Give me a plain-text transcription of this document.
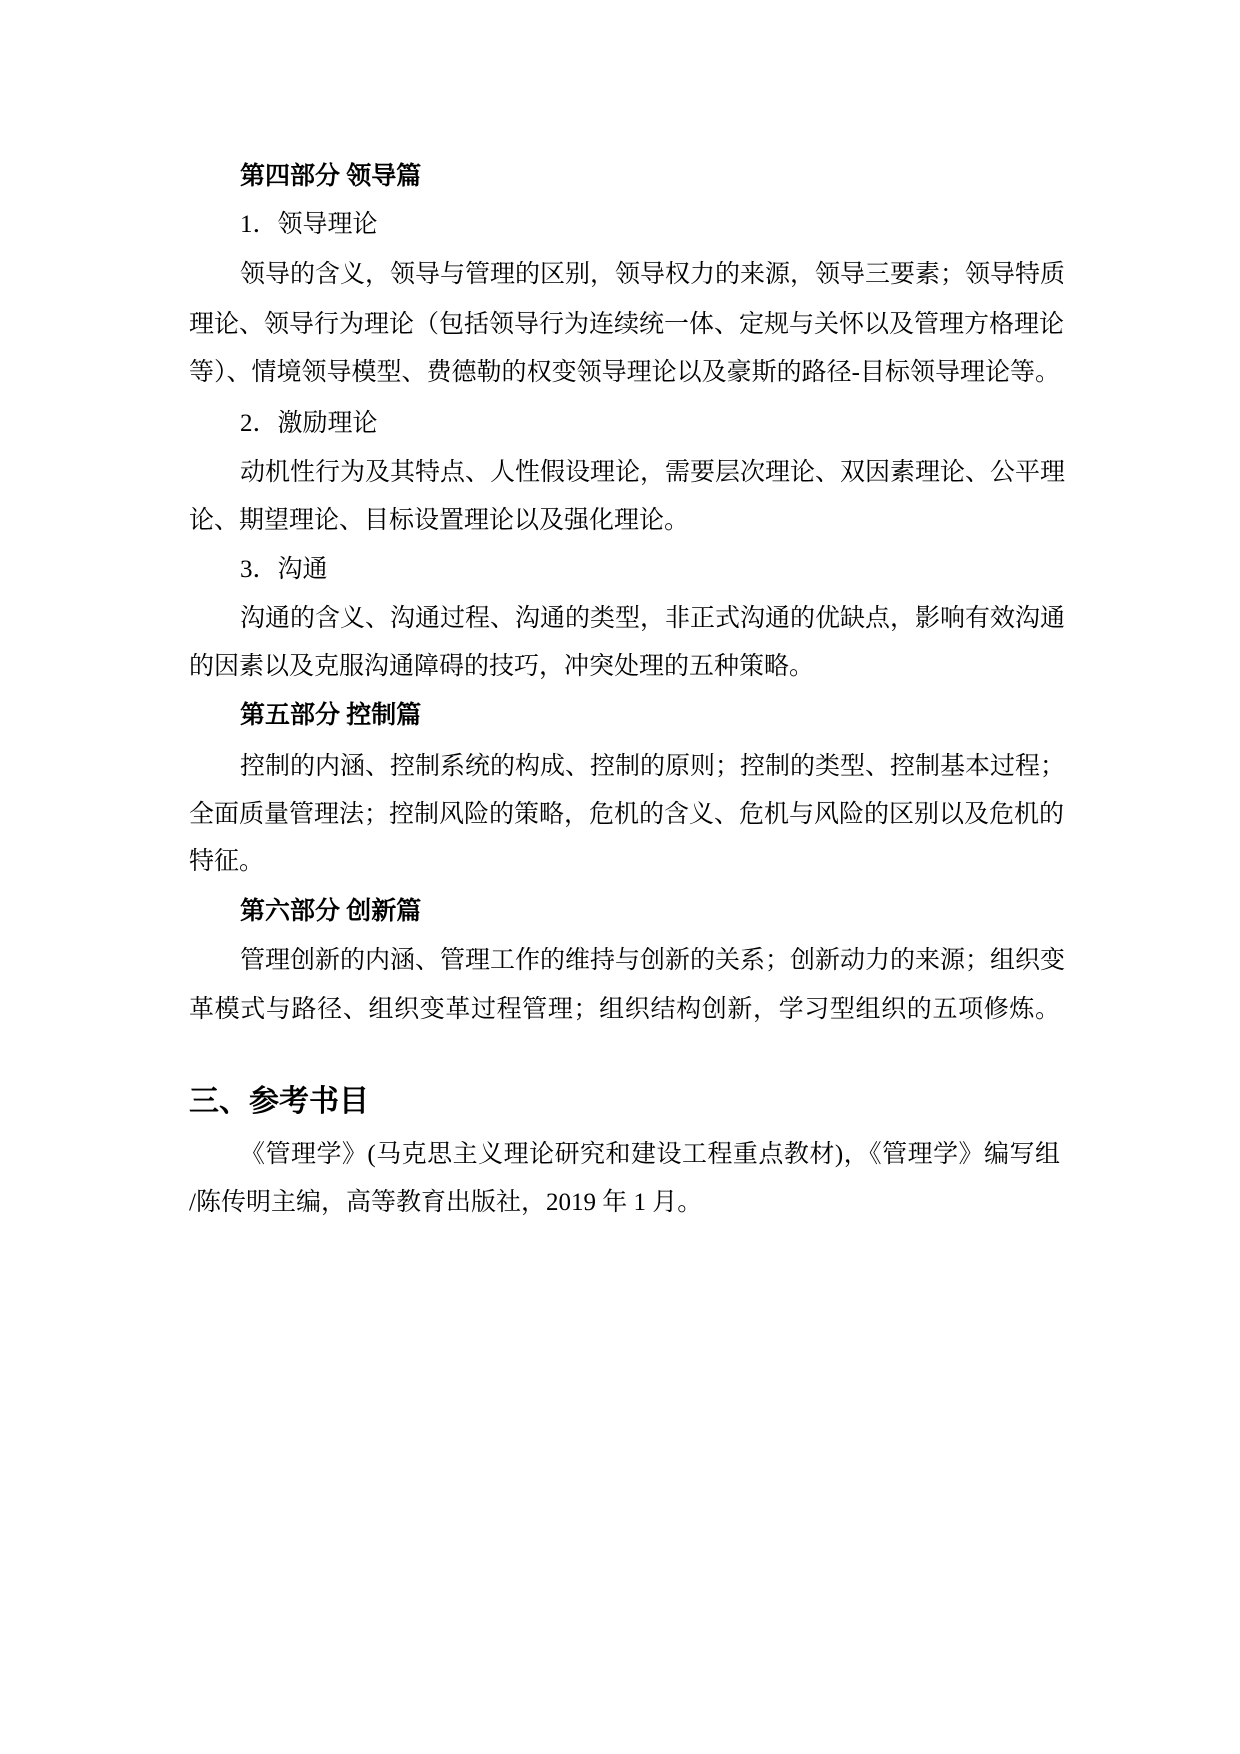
第四部分 领导篇
1．领导理论
领导的含义，领导与管理的区别，领导权力的来源，领导三要素；领导特质
理论、领导行为理论（包括领导行为连续统一体、定规与关怀以及管理方格理论
等）、情境领导模型、费德勒的权变领导理论以及豪斯的路径-目标领导理论等。
2．激励理论
动机性行为及其特点、人性假设理论，需要层次理论、双因素理论、公平理
论、期望理论、目标设置理论以及强化理论。
3．沟通
沟通的含义、沟通过程、沟通的类型，非正式沟通的优缺点，影响有效沟通
的因素以及克服沟通障碍的技巧，冲突处理的五种策略。
第五部分 控制篇
控制的内涵、控制系统的构成、控制的原则；控制的类型、控制基本过程；
全面质量管理法；控制风险的策略，危机的含义、危机与风险的区别以及危机的
特征。
第六部分 创新篇
管理创新的内涵、管理工作的维持与创新的关系；创新动力的来源；组织变
革模式与路径、组织变革过程管理；组织结构创新，学习型组织的五项修炼。
三、参考书目
《管理学》(马克思主义理论研究和建设工程重点教材)，《管理学》编写组
/陈传明主编，高等教育出版社，2019 年 1 月。
